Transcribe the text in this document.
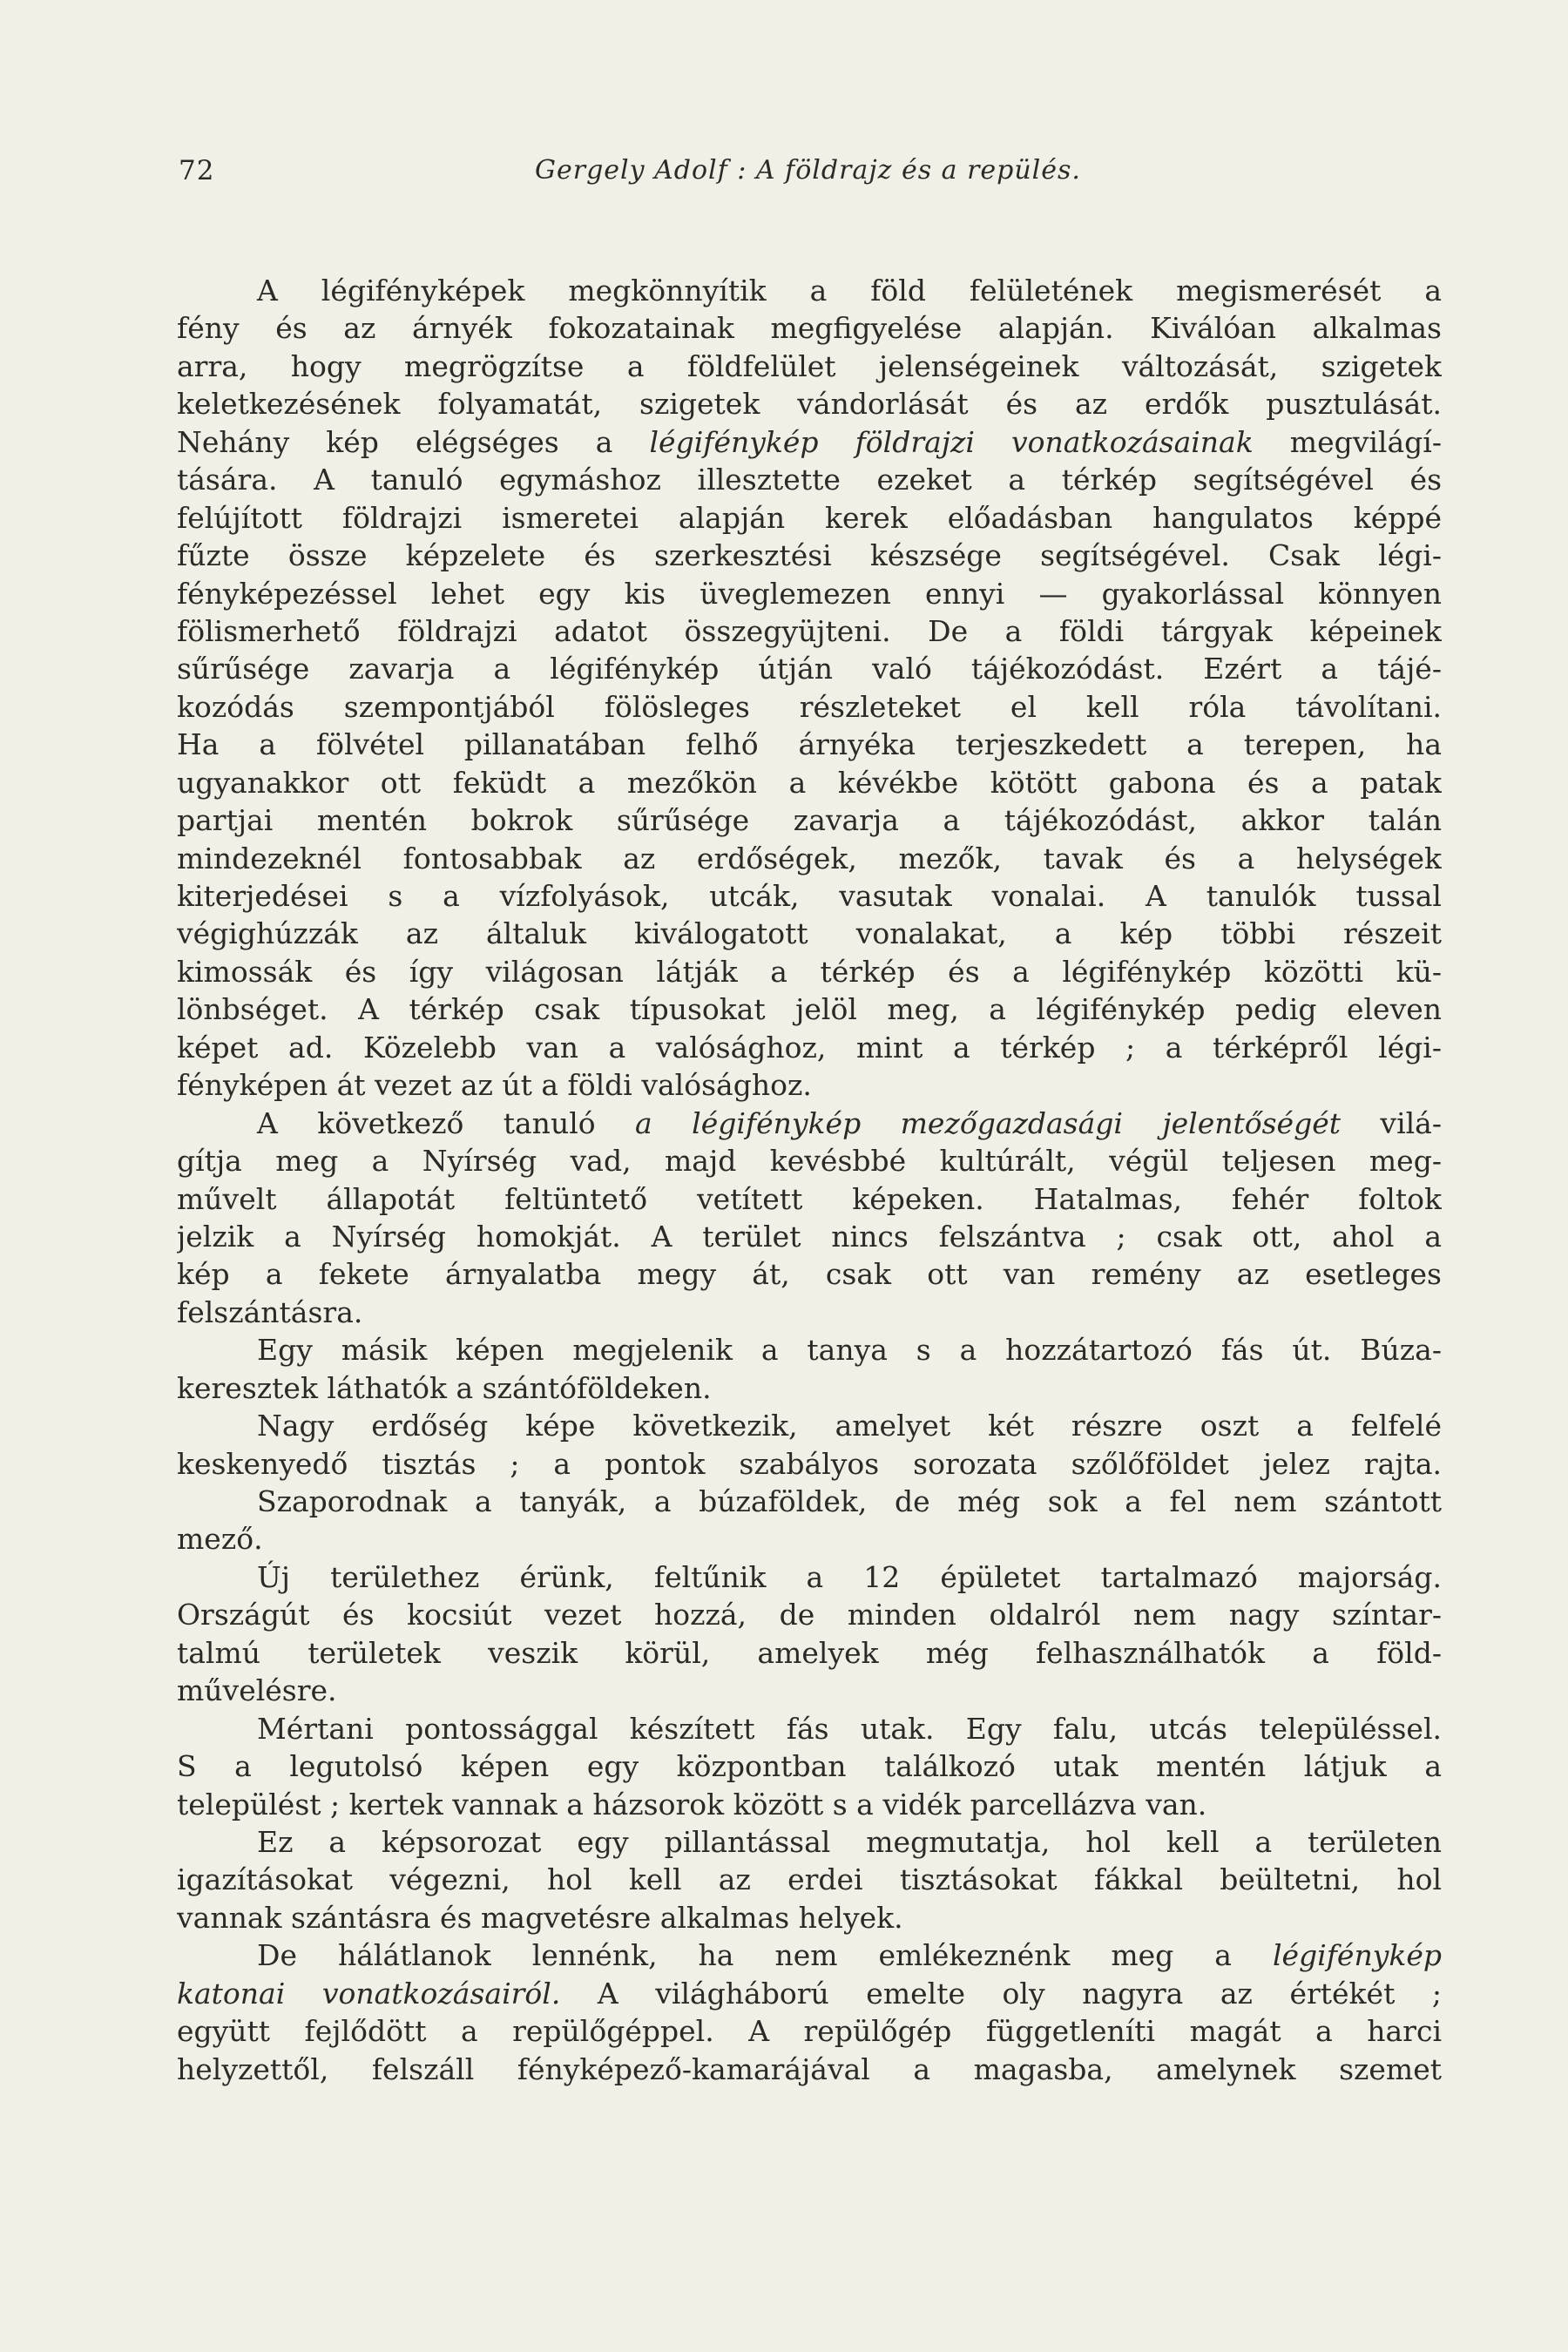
72	Gergely Adolf : A földrajz és a repülés.
A légifényképek megkönnyítik a föld felületének megismerését a
fény és az árnyék fokozatainak megfigyelése alapján. Kiválóan alkalmas
arra, hogy megrögzítse a földfelület jelenségeinek változását, szigetek
keletkezésének folyamatát, szigetek vándorlását és az erdők pusztulását.
Nehány kép elégséges a légifénykép földrajzi vonatkozásainak megvilágí-
tására. A tanuló egymáshoz illesztette ezeket a térkép segítségével és
felújított földrajzi ismeretei alapján kerek előadásban hangulatos képpé
fűzte össze képzelete és szerkesztési készsége segítségével. Csak légi-
fényképezéssel lehet egy kis üveglemezen ennyi — gyakorlással könnyen
fölismerhető földrajzi adatot összegyüjteni. De a földi tárgyak képeinek
sűrűsége zavarja a légifénykép útján való tájékozódást. Ezért a tájé-
kozódás szempontjából fölösleges részleteket el kell róla távolítani.
Ha a fölvétel pillanatában felhő árnyéka terjeszkedett a terepen, ha
ugyanakkor ott feküdt a mezőkön a kévékbe kötött gabona és a patak
partjai mentén bokrok sűrűsége zavarja a tájékozódást, akkor talán
mindezeknél fontosabbak az erdőségek, mezők, tavak és a helységek
kiterjedései s a vízfolyások, utcák, vasutak vonalai. A tanulók tussal
végighúzzák az általuk kiválogatott vonalakat, a kép többi részeit
kimossák és így világosan látják a térkép és a légifénykép közötti kü-
lönbséget. A térkép csak típusokat jelöl meg, a légifénykép pedig eleven
képet ad. Közelebb van a valósághoz, mint a térkép ; a térképről légi-
fényképen át vezet az út a földi valósághoz.
A következő tanuló a légifénykép mezőgazdasági jelentőségét vilá-
gítja meg a Nyírség vad, majd kevésbbé kultúrált, végül teljesen meg-
művelt állapotát feltüntető vetített képeken. Hatalmas, fehér foltok
jelzik a Nyírség homokját. A terület nincs felszántva ; csak ott, ahol a
kép a fekete árnyalatba megy át, csak ott van remény az esetleges
felszántásra.
Egy másik képen megjelenik a tanya s a hozzátartozó fás út. Búza-
keresztek láthatók a szántóföldeken.
Nagy erdőség képe következik, amelyet két részre oszt a felfelé
keskenyedő tisztás ; a pontok szabályos sorozata szőlőföldet jelez rajta.
Szaporodnak a tanyák, a búzaföldek, de még sok a fel nem szántott
mező.
Új területhez érünk, feltűnik a 12 épületet tartalmazó majorság.
Országút és kocsiút vezet hozzá, de minden oldalról nem nagy színtar-
talmú területek veszik körül, amelyek még felhasználhatók a föld-
művelésre.
Mértani pontossággal készített fás utak. Egy falu, utcás településsel.
S a legutolsó képen egy központban találkozó utak mentén látjuk a
települést ; kertek vannak a házsorok között s a vidék parcellázva van.
Ez a képsorozat egy pillantással megmutatja, hol kell a területen
igazításokat végezni, hol kell az erdei tisztásokat fákkal beültetni, hol
vannak szántásra és magvetésre alkalmas helyek.
De hálátlanok lennénk, ha nem emlékeznénk meg a légifénykép
katonai vonatkozásairól. A világháború emelte oly nagyra az értékét ;
együtt fejlődött a repülőgéppel. A repülőgép függetleníti magát a harci
helyzettől, felszáll fényképező-kamarájával a magasba, amelynek szemet
